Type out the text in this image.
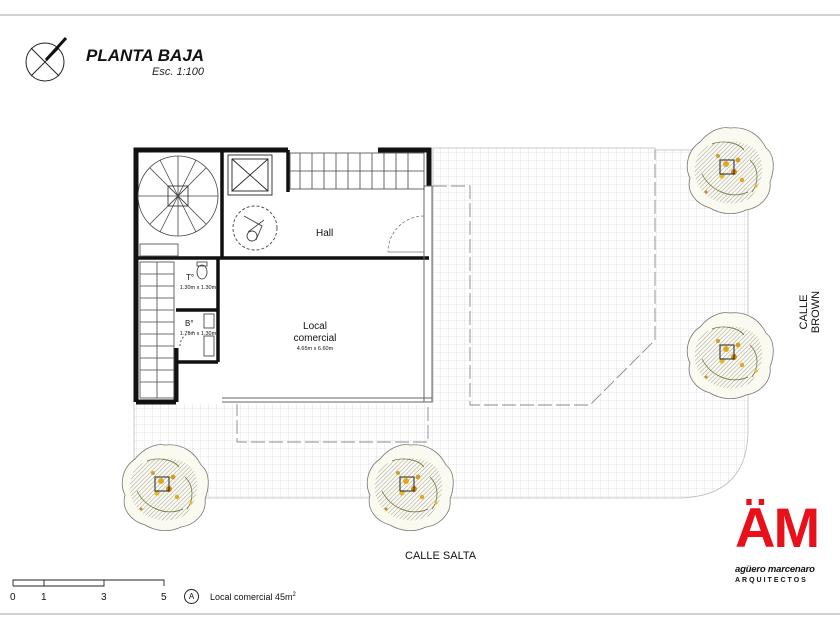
PLANTA BAJA
Esc. 1:100
Hall
Local
comercial
4.65m x 6.60m
T°
1.30m x 1.30m
B°
1.75m x 1.30m
CALLE BROWN
CALLE SALTA
0	1	3	5	A	Local comercial $45m^2$
ÄM
agüero marcenaro
ARQUITECTOS
